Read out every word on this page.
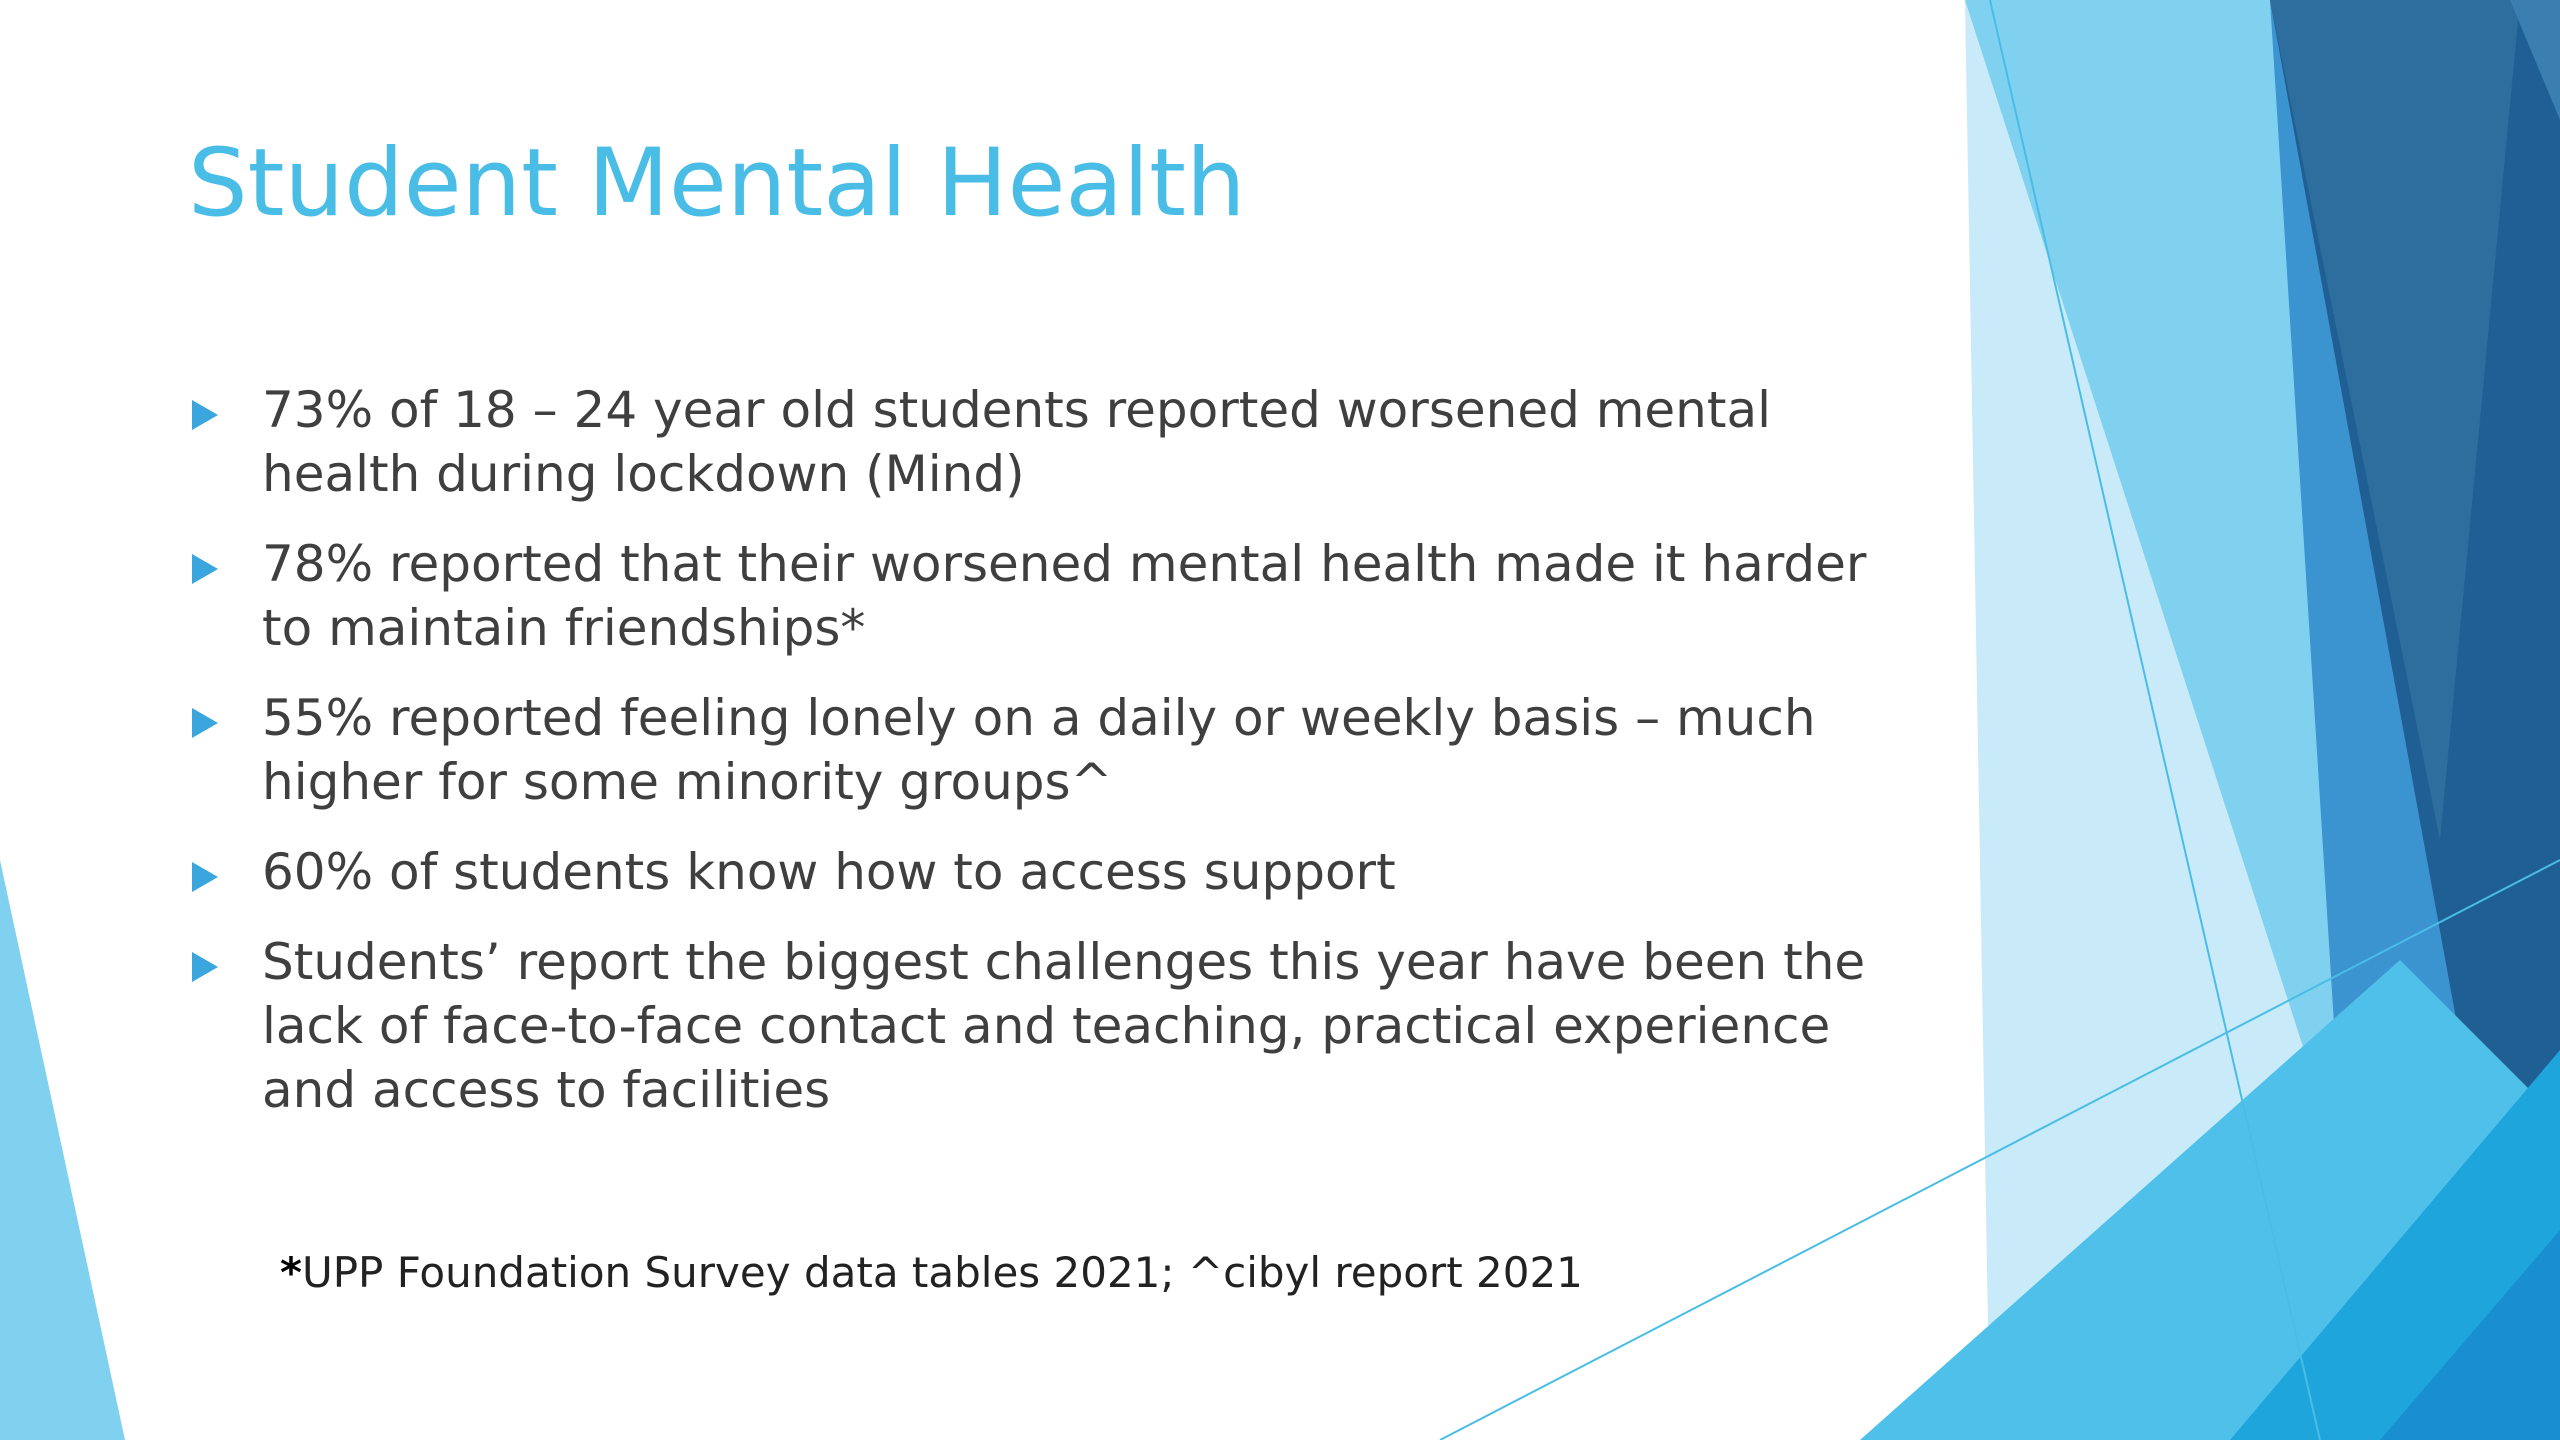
Student Mental Health
73% of 18 – 24 year old students reported worsened mental health during lockdown (Mind)
78% reported that their worsened mental health made it harder to maintain friendships*
55% reported feeling lonely on a daily or weekly basis – much higher for some minority groups^
60% of students know how to access support
Students’ report the biggest challenges this year have been the lack of face-to-face contact and teaching, practical experience and access to facilities

*UPP Foundation Survey data tables 2021; ^cibyl report 2021
